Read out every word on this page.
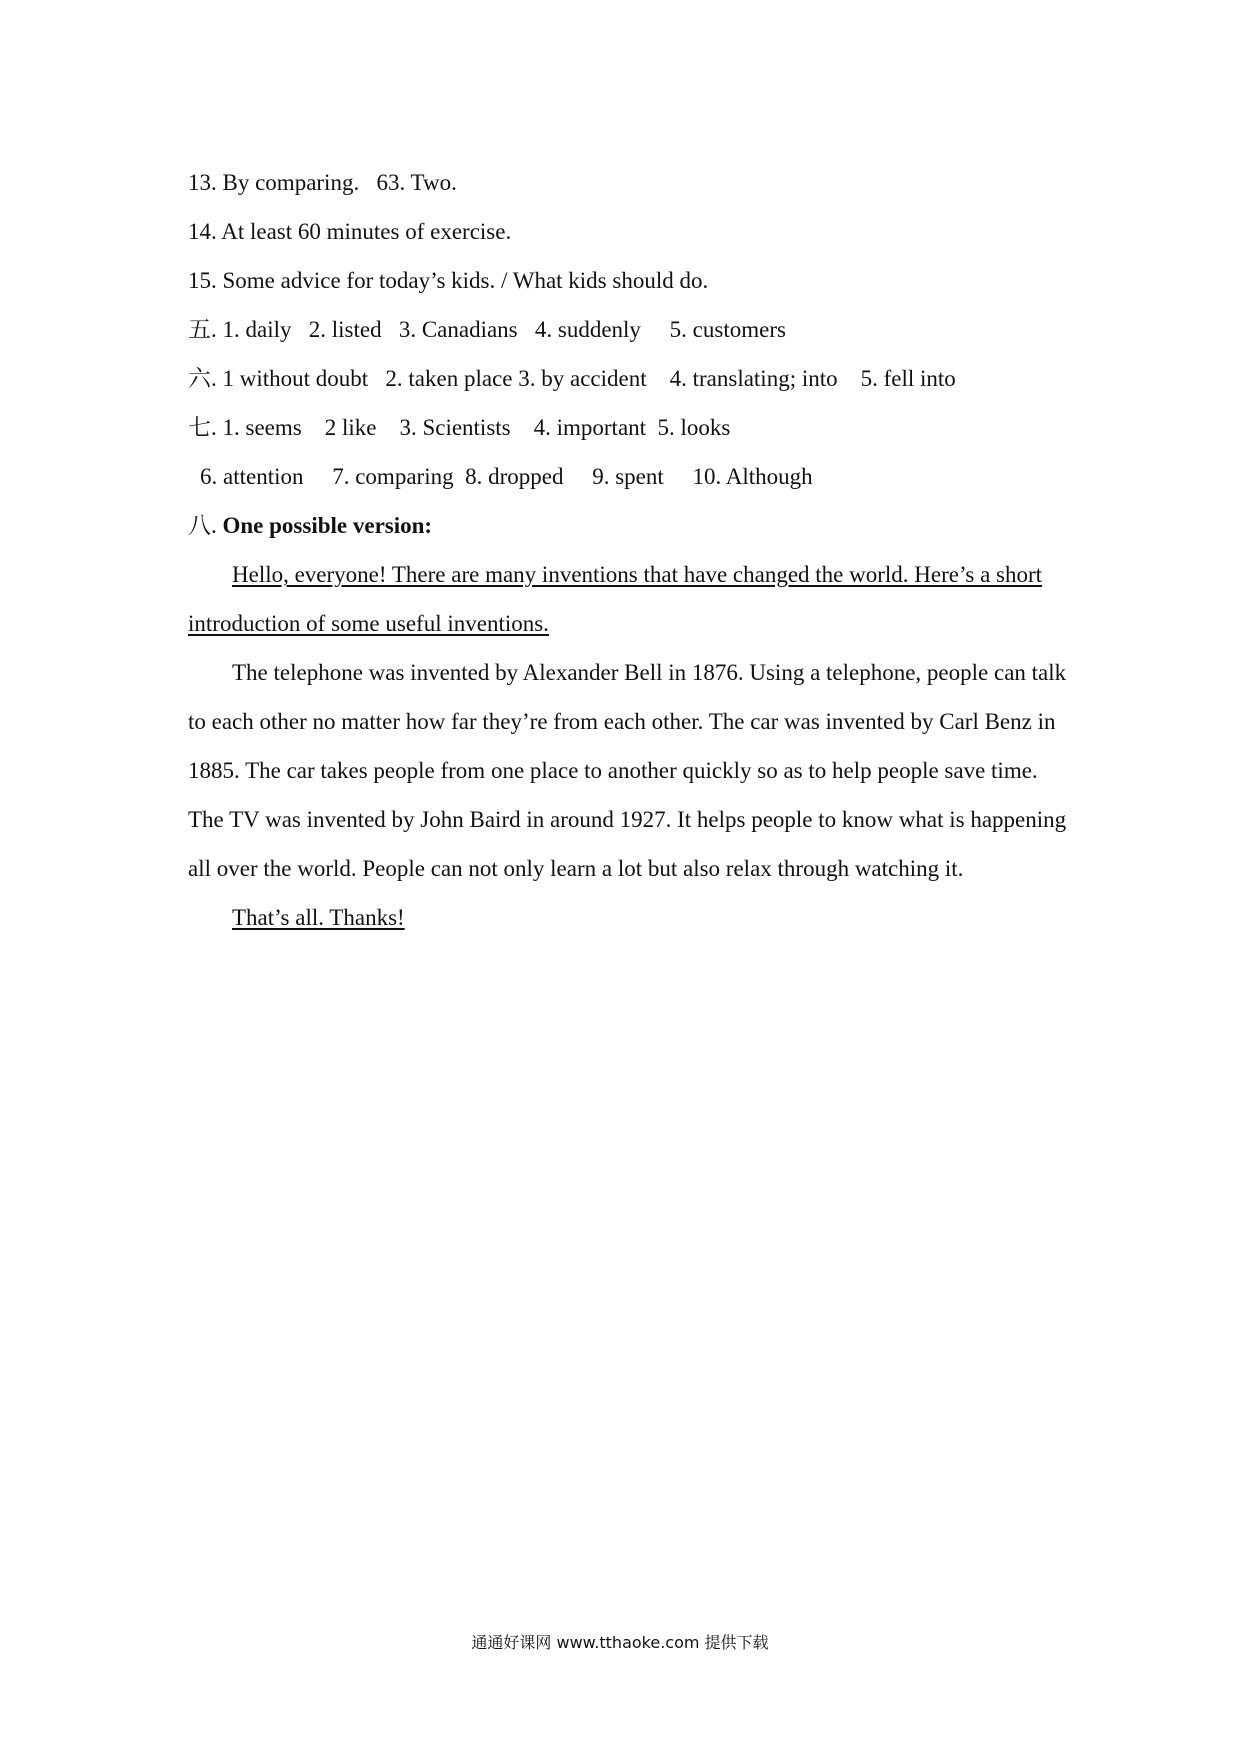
13. By comparing.   63. Two.
14. At least 60 minutes of exercise.
15. Some advice for today’s kids. / What kids should do.
五. 1. daily   2. listed   3. Canadians   4. suddenly     5. customers
六. 1 without doubt   2. taken place 3. by accident    4. translating; into    5. fell into
七. 1. seems    2 like    3. Scientists    4. important  5. looks
6. attention     7. comparing  8. dropped     9. spent     10. Although
八. One possible version:

Hello, everyone! There are many inventions that have changed the world. Here’s a short introduction of some useful inventions.

The telephone was invented by Alexander Bell in 1876. Using a telephone, people can talk to each other no matter how far they’re from each other. The car was invented by Carl Benz in 1885. The car takes people from one place to another quickly so as to help people save time. The TV was invented by John Baird in around 1927. It helps people to know what is happening all over the world. People can not only learn a lot but also relax through watching it.

That’s all. Thanks!

通通好课网 www.tthaoke.com 提供下载
